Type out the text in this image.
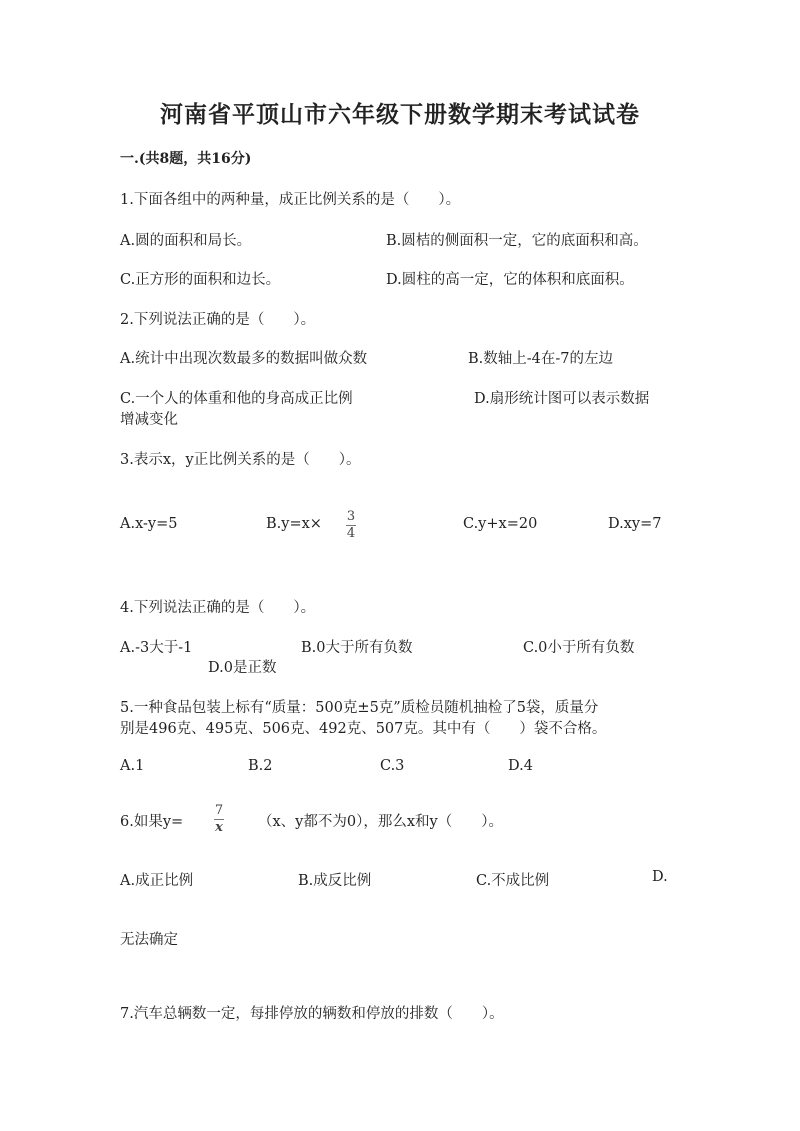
河南省平顶山市六年级下册数学期末考试试卷
一.(共8题，共16分)
1.下面各组中的两种量，成正比例关系的是（　　）。
A.圆的面积和局长。	B.圆桔的侧面积一定，它的底面积和高。
C.正方形的面积和边长。	D.圆柱的高一定，它的体积和底面积。
2.下列说法正确的是（　　）。
A.统计中出现次数最多的数据叫做众数	B.数轴上-4在-7的左边
C.一个人的体重和他的身高成正比例	D.扇形统计图可以表示数据
增减变化
3.表示x，y正比例关系的是（　　）。
A.x-y=5	B.y=x× 3
4
C.y+x=20	D.xy=7
4.下列说法正确的是（　　）。
A.-3大于-1	B.0大于所有负数	C.0小于所有负数
D.0是正数
5.一种食品包装上标有“质量：500克±5克”质检员随机抽检了5袋，质量分
别是496克、495克、506克、492克、507克。其中有（　　）袋不合格。
A.1	B.2	C.3	D.4
6.如果y=
7
x （x、y都不为0），那么x和y（　　）。
A.成正比例	B.成反比例	C.不成比例	D.
无法确定
7.汽车总辆数一定，每排停放的辆数和停放的排数（　　）。
